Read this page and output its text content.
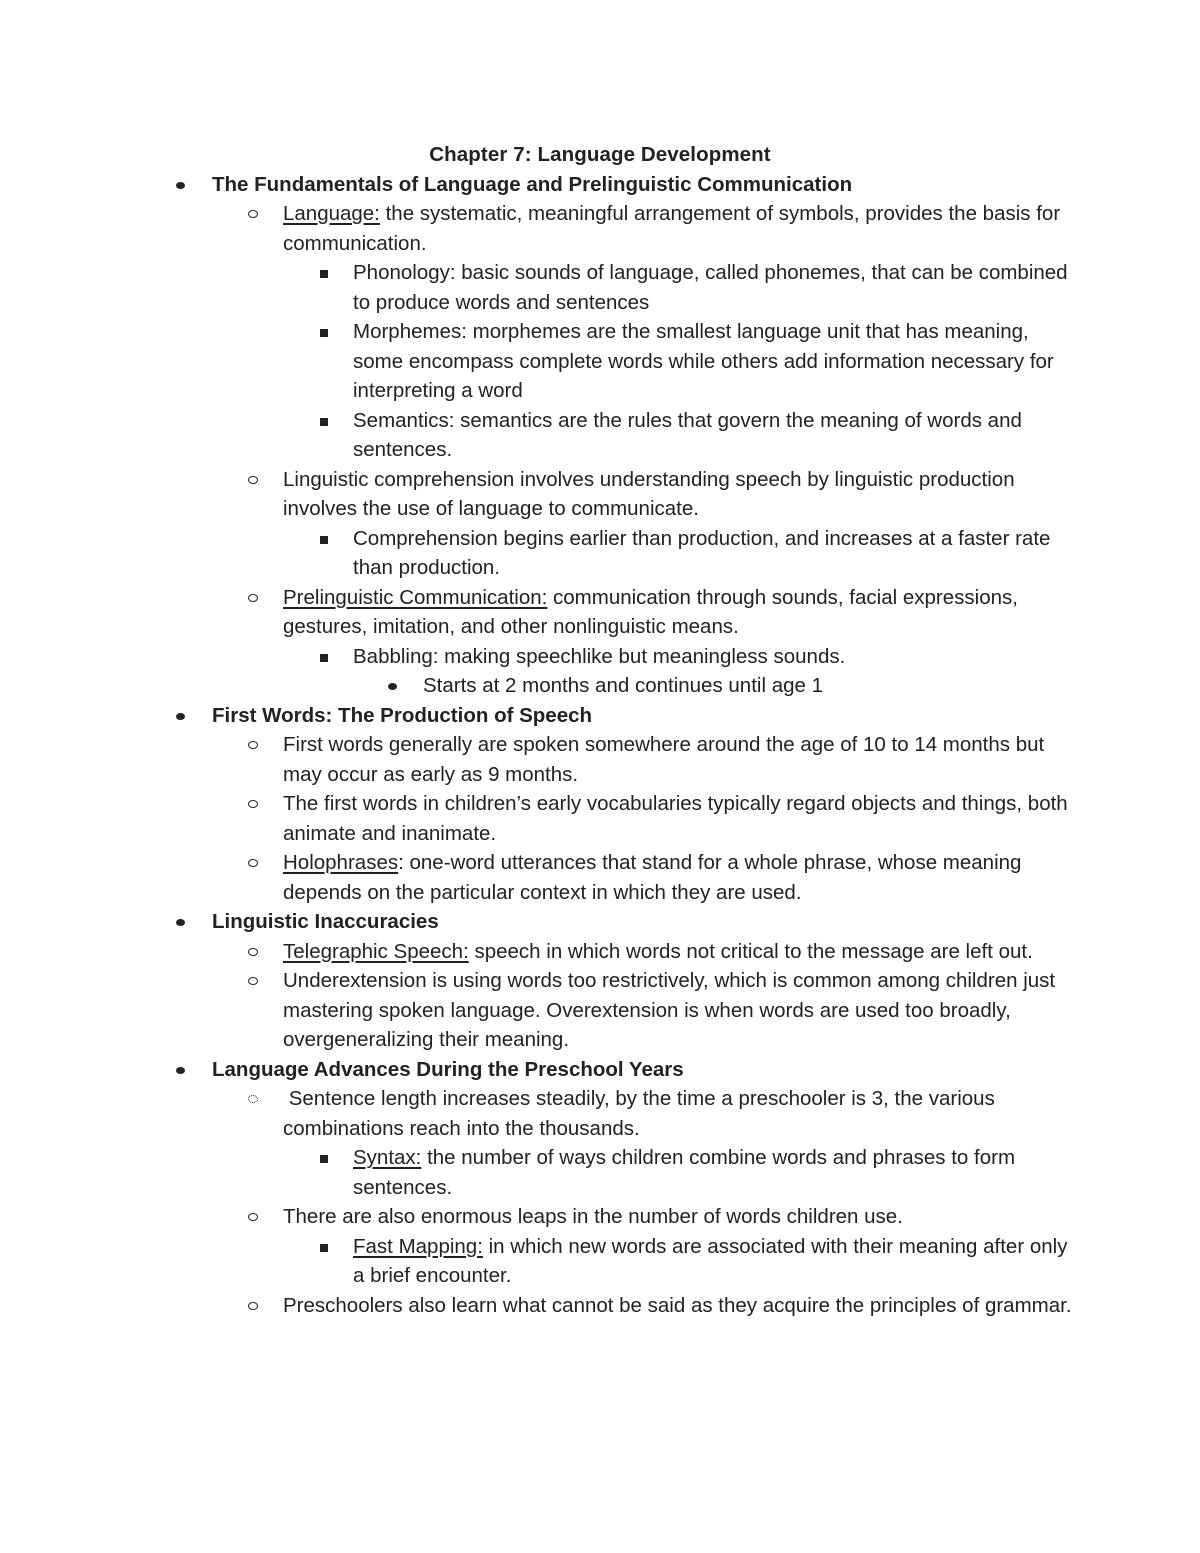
Chapter 7: Language Development
The Fundamentals of Language and Prelinguistic Communication
Language: the systematic, meaningful arrangement of symbols, provides the basis for communication.
Phonology: basic sounds of language, called phonemes, that can be combined to produce words and sentences
Morphemes: morphemes are the smallest language unit that has meaning, some encompass complete words while others add information necessary for interpreting a word
Semantics: semantics are the rules that govern the meaning of words and sentences.
Linguistic comprehension involves understanding speech by linguistic production involves the use of language to communicate.
Comprehension begins earlier than production, and increases at a faster rate than production.
Prelinguistic Communication: communication through sounds, facial expressions, gestures, imitation, and other nonlinguistic means.
Babbling: making speechlike but meaningless sounds.
Starts at 2 months and continues until age 1
First Words: The Production of Speech
First words generally are spoken somewhere around the age of 10 to 14 months but may occur as early as 9 months.
The first words in children’s early vocabularies typically regard objects and things, both animate and inanimate.
Holophrases: one-word utterances that stand for a whole phrase, whose meaning depends on the particular context in which they are used.
Linguistic Inaccuracies
Telegraphic Speech: speech in which words not critical to the message are left out.
Underextension is using words too restrictively, which is common among children just mastering spoken language. Overextension is when words are used too broadly, overgeneralizing their meaning.
Language Advances During the Preschool Years
Sentence length increases steadily, by the time a preschooler is 3, the various combinations reach into the thousands.
Syntax: the number of ways children combine words and phrases to form sentences.
There are also enormous leaps in the number of words children use.
Fast Mapping: in which new words are associated with their meaning after only a brief encounter.
Preschoolers also learn what cannot be said as they acquire the principles of grammar.
